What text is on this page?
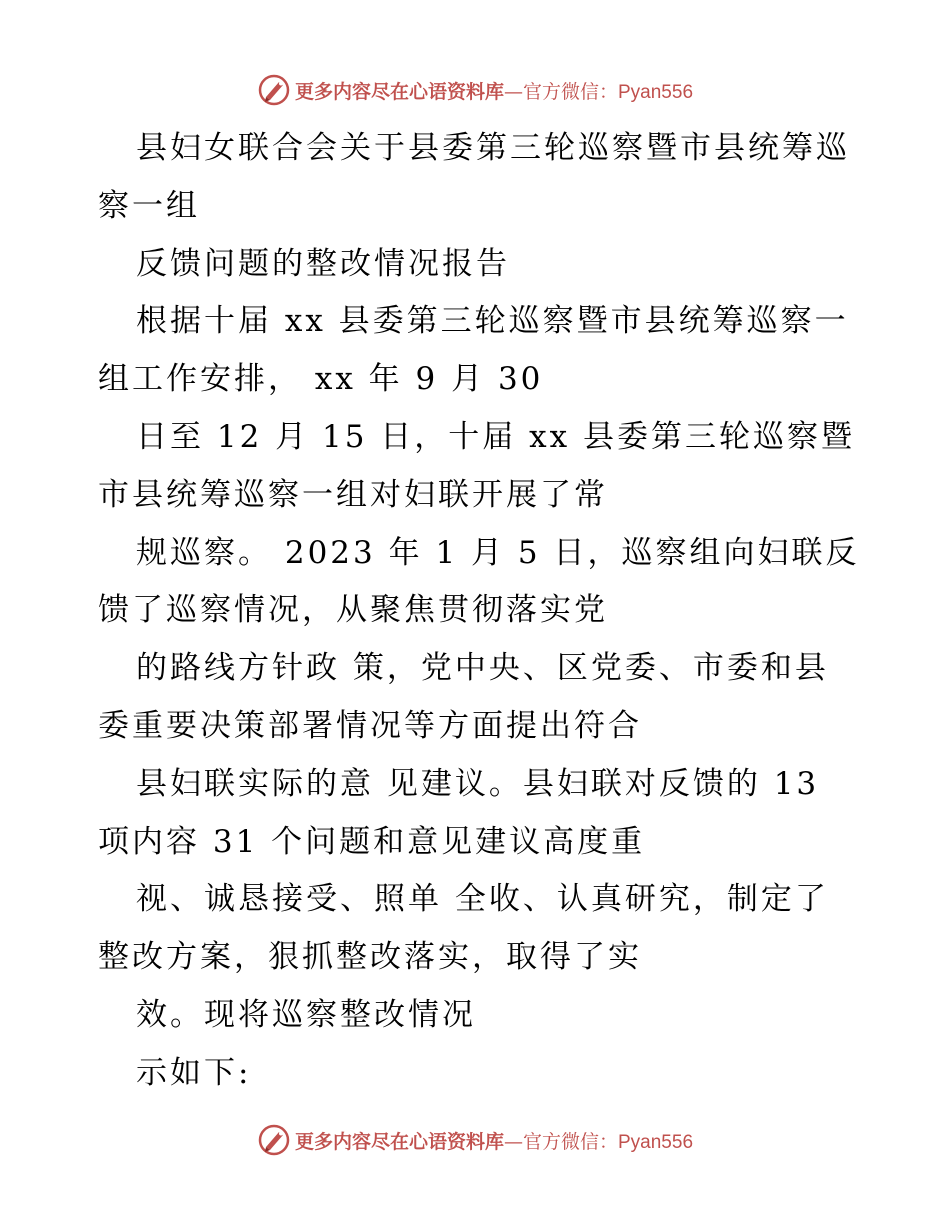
更多内容尽在心语资料库—官方微信：Pyan556
县妇女联合会关于县委第三轮巡察暨市县统筹巡
察一组
反馈问题的整改情况报告
根据十届 xx 县委第三轮巡察暨市县统筹巡察一
组工作安排， xx 年 9 月 30
日至 12 月 15 日，十届 xx 县委第三轮巡察暨
市县统筹巡察一组对妇联开展了常
规巡察。 2023 年 1 月 5 日，巡察组向妇联反
馈了巡察情况，从聚焦贯彻落实党
的路线方针政 策，党中央、区党委、市委和县
委重要决策部署情况等方面提出符合
县妇联实际的意 见建议。县妇联对反馈的 13
项内容 31 个问题和意见建议高度重
视、诚恳接受、照单 全收、认真研究，制定了
整改方案，狠抓整改落实，取得了实
效。现将巡察整改情况
示如下:
更多内容尽在心语资料库—官方微信：Pyan556
